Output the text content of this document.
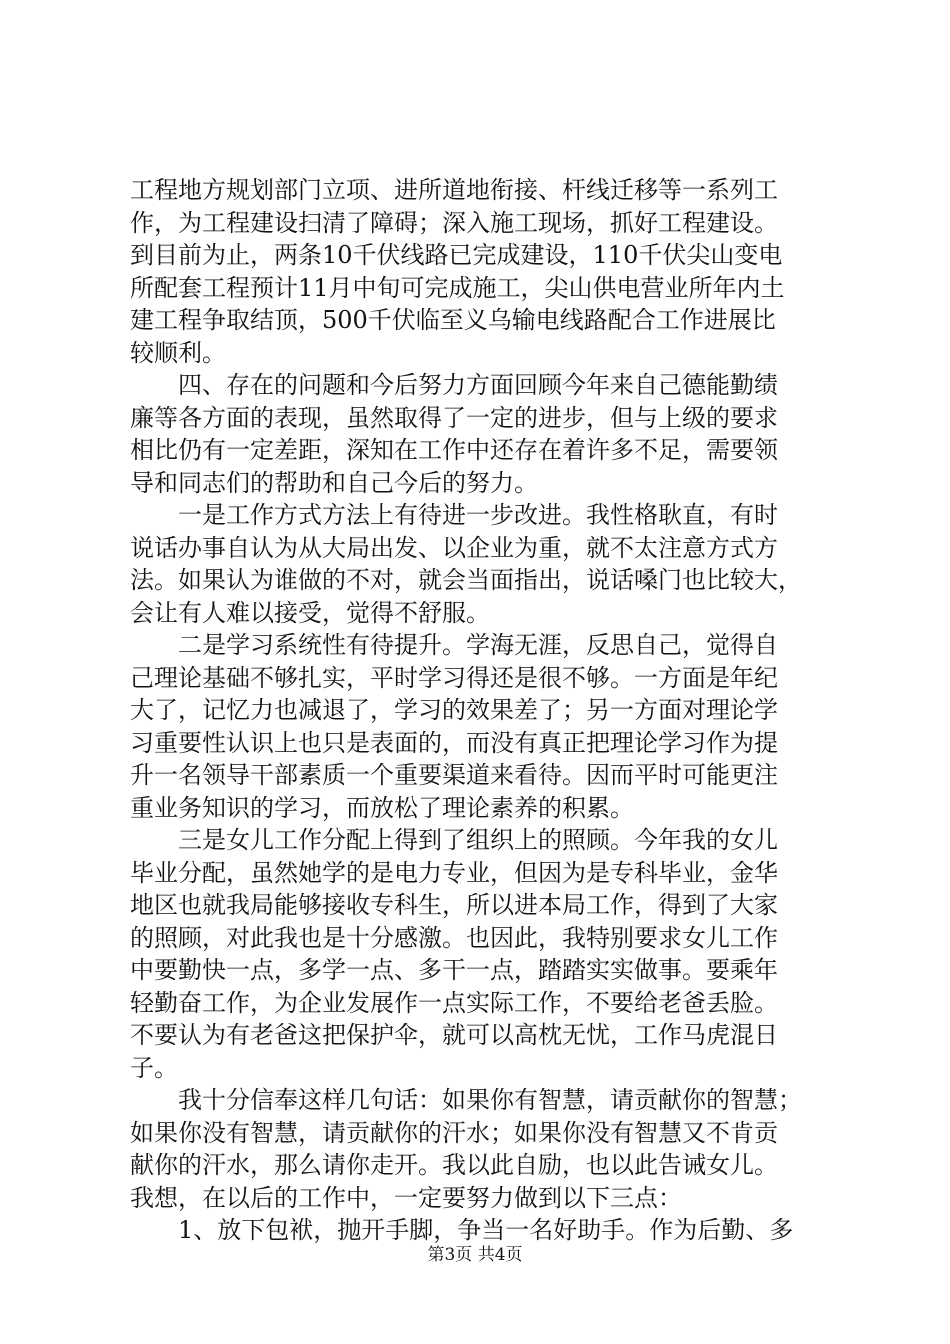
工程地方规划部门立项、进所道地衔接、杆线迁移等一系列工
作，为工程建设扫清了障碍；深入施工现场，抓好工程建设。
到目前为止，两条10千伏线路已完成建设，110千伏尖山变电
所配套工程预计11月中旬可完成施工，尖山供电营业所年内土
建工程争取结顶，500千伏临至义乌输电线路配合工作进展比
较顺利。
　　四、存在的问题和今后努力方面回顾今年来自己德能勤绩
廉等各方面的表现，虽然取得了一定的进步，但与上级的要求
相比仍有一定差距，深知在工作中还存在着许多不足，需要领
导和同志们的帮助和自己今后的努力。
　　一是工作方式方法上有待进一步改进。我性格耿直，有时
说话办事自认为从大局出发、以企业为重，就不太注意方式方
法。如果认为谁做的不对，就会当面指出，说话嗓门也比较大，
会让有人难以接受，觉得不舒服。
　　二是学习系统性有待提升。学海无涯，反思自己，觉得自
己理论基础不够扎实，平时学习得还是很不够。一方面是年纪
大了，记忆力也减退了，学习的效果差了；另一方面对理论学
习重要性认识上也只是表面的，而没有真正把理论学习作为提
升一名领导干部素质一个重要渠道来看待。因而平时可能更注
重业务知识的学习，而放松了理论素养的积累。
　　三是女儿工作分配上得到了组织上的照顾。今年我的女儿
毕业分配，虽然她学的是电力专业，但因为是专科毕业，金华
地区也就我局能够接收专科生，所以进本局工作，得到了大家
的照顾，对此我也是十分感激。也因此，我特别要求女儿工作
中要勤快一点，多学一点、多干一点，踏踏实实做事。要乘年
轻勤奋工作，为企业发展作一点实际工作，不要给老爸丢脸。
不要认为有老爸这把保护伞，就可以高枕无忧，工作马虎混日
子。
　　我十分信奉这样几句话：如果你有智慧，请贡献你的智慧；
如果你没有智慧，请贡献你的汗水；如果你没有智慧又不肯贡
献你的汗水，那么请你走开。我以此自励，也以此告诫女儿。
我想，在以后的工作中，一定要努力做到以下三点：
　　1、放下包袱，抛开手脚，争当一名好助手。作为后勤、多
第3页 共4页
